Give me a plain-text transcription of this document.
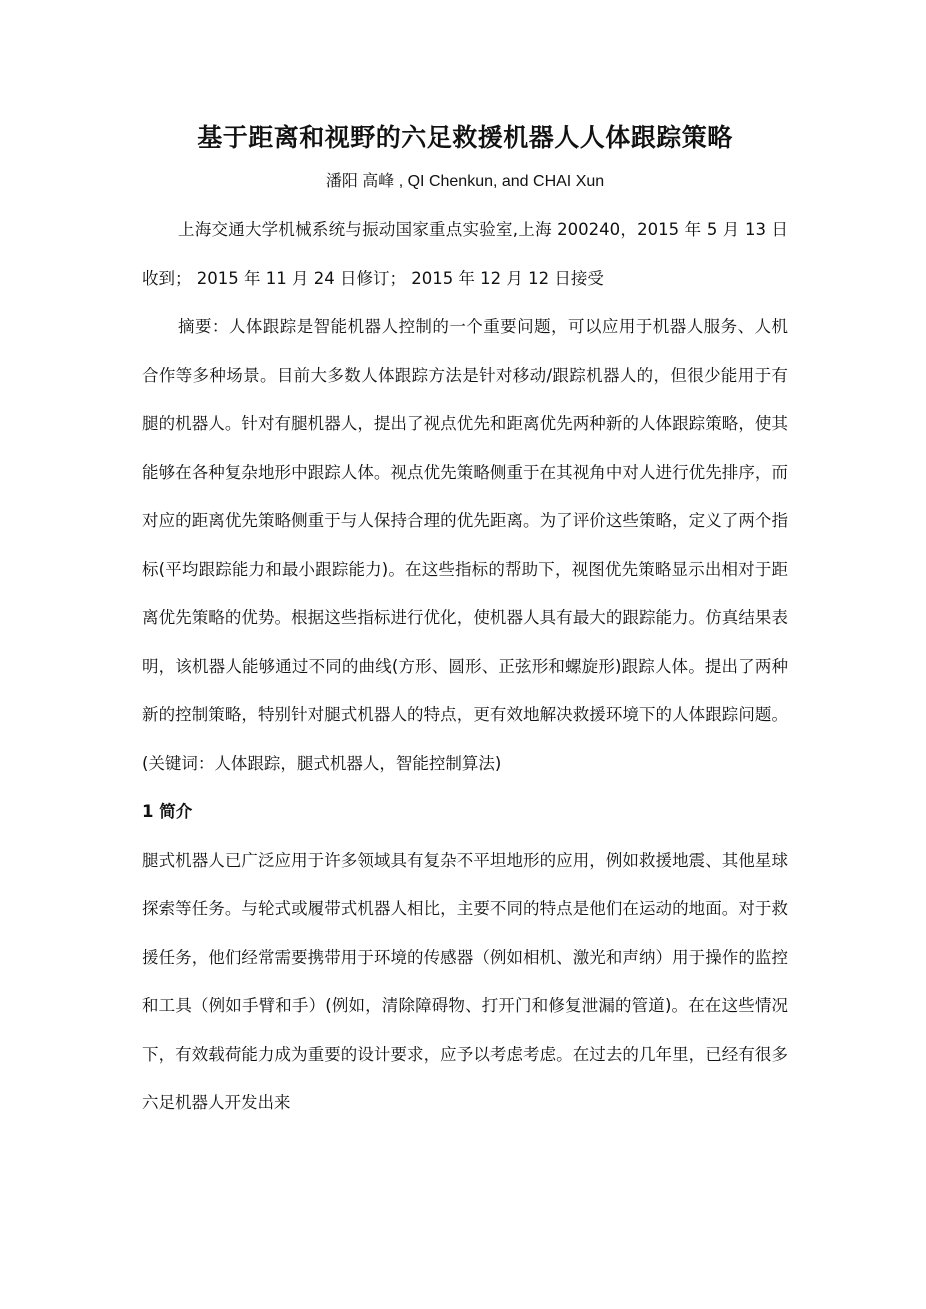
基于距离和视野的六足救援机器人人体跟踪策略
潘阳 高峰 , QI Chenkun, and CHAI Xun

上海交通大学机械系统与振动国家重点实验室,上海 200240，2015 年 5 月 13 日收到； 2015 年 11 月 24 日修订； 2015 年 12 月 12 日接受

摘要：人体跟踪是智能机器人控制的一个重要问题，可以应用于机器人服务、人机合作等多种场景。目前大多数人体跟踪方法是针对移动/跟踪机器人的，但很少能用于有腿的机器人。针对有腿机器人，提出了视点优先和距离优先两种新的人体跟踪策略，使其能够在各种复杂地形中跟踪人体。视点优先策略侧重于在其视角中对人进行优先排序，而对应的距离优先策略侧重于与人保持合理的优先距离。为了评价这些策略，定义了两个指标(平均跟踪能力和最小跟踪能力)。在这些指标的帮助下，视图优先策略显示出相对于距离优先策略的优势。根据这些指标进行优化，使机器人具有最大的跟踪能力。仿真结果表明，该机器人能够通过不同的曲线(方形、圆形、正弦形和螺旋形)跟踪人体。提出了两种新的控制策略，特别针对腿式机器人的特点，更有效地解决救援环境下的人体跟踪问题。(关键词：人体跟踪，腿式机器人，智能控制算法)

1 简介

腿式机器人已广泛应用于许多领域具有复杂不平坦地形的应用，例如救援地震、其他星球探索等任务。与轮式或履带式机器人相比，主要不同的特点是他们在运动的地面。对于救援任务，他们经常需要携带用于环境的传感器（例如相机、激光和声纳）用于操作的监控和工具（例如手臂和手）(例如，清除障碍物、打开门和修复泄漏的管道)。在在这些情况下，有效载荷能力成为重要的设计要求，应予以考虑考虑。在过去的几年里，已经有很多六足机器人开发出来
